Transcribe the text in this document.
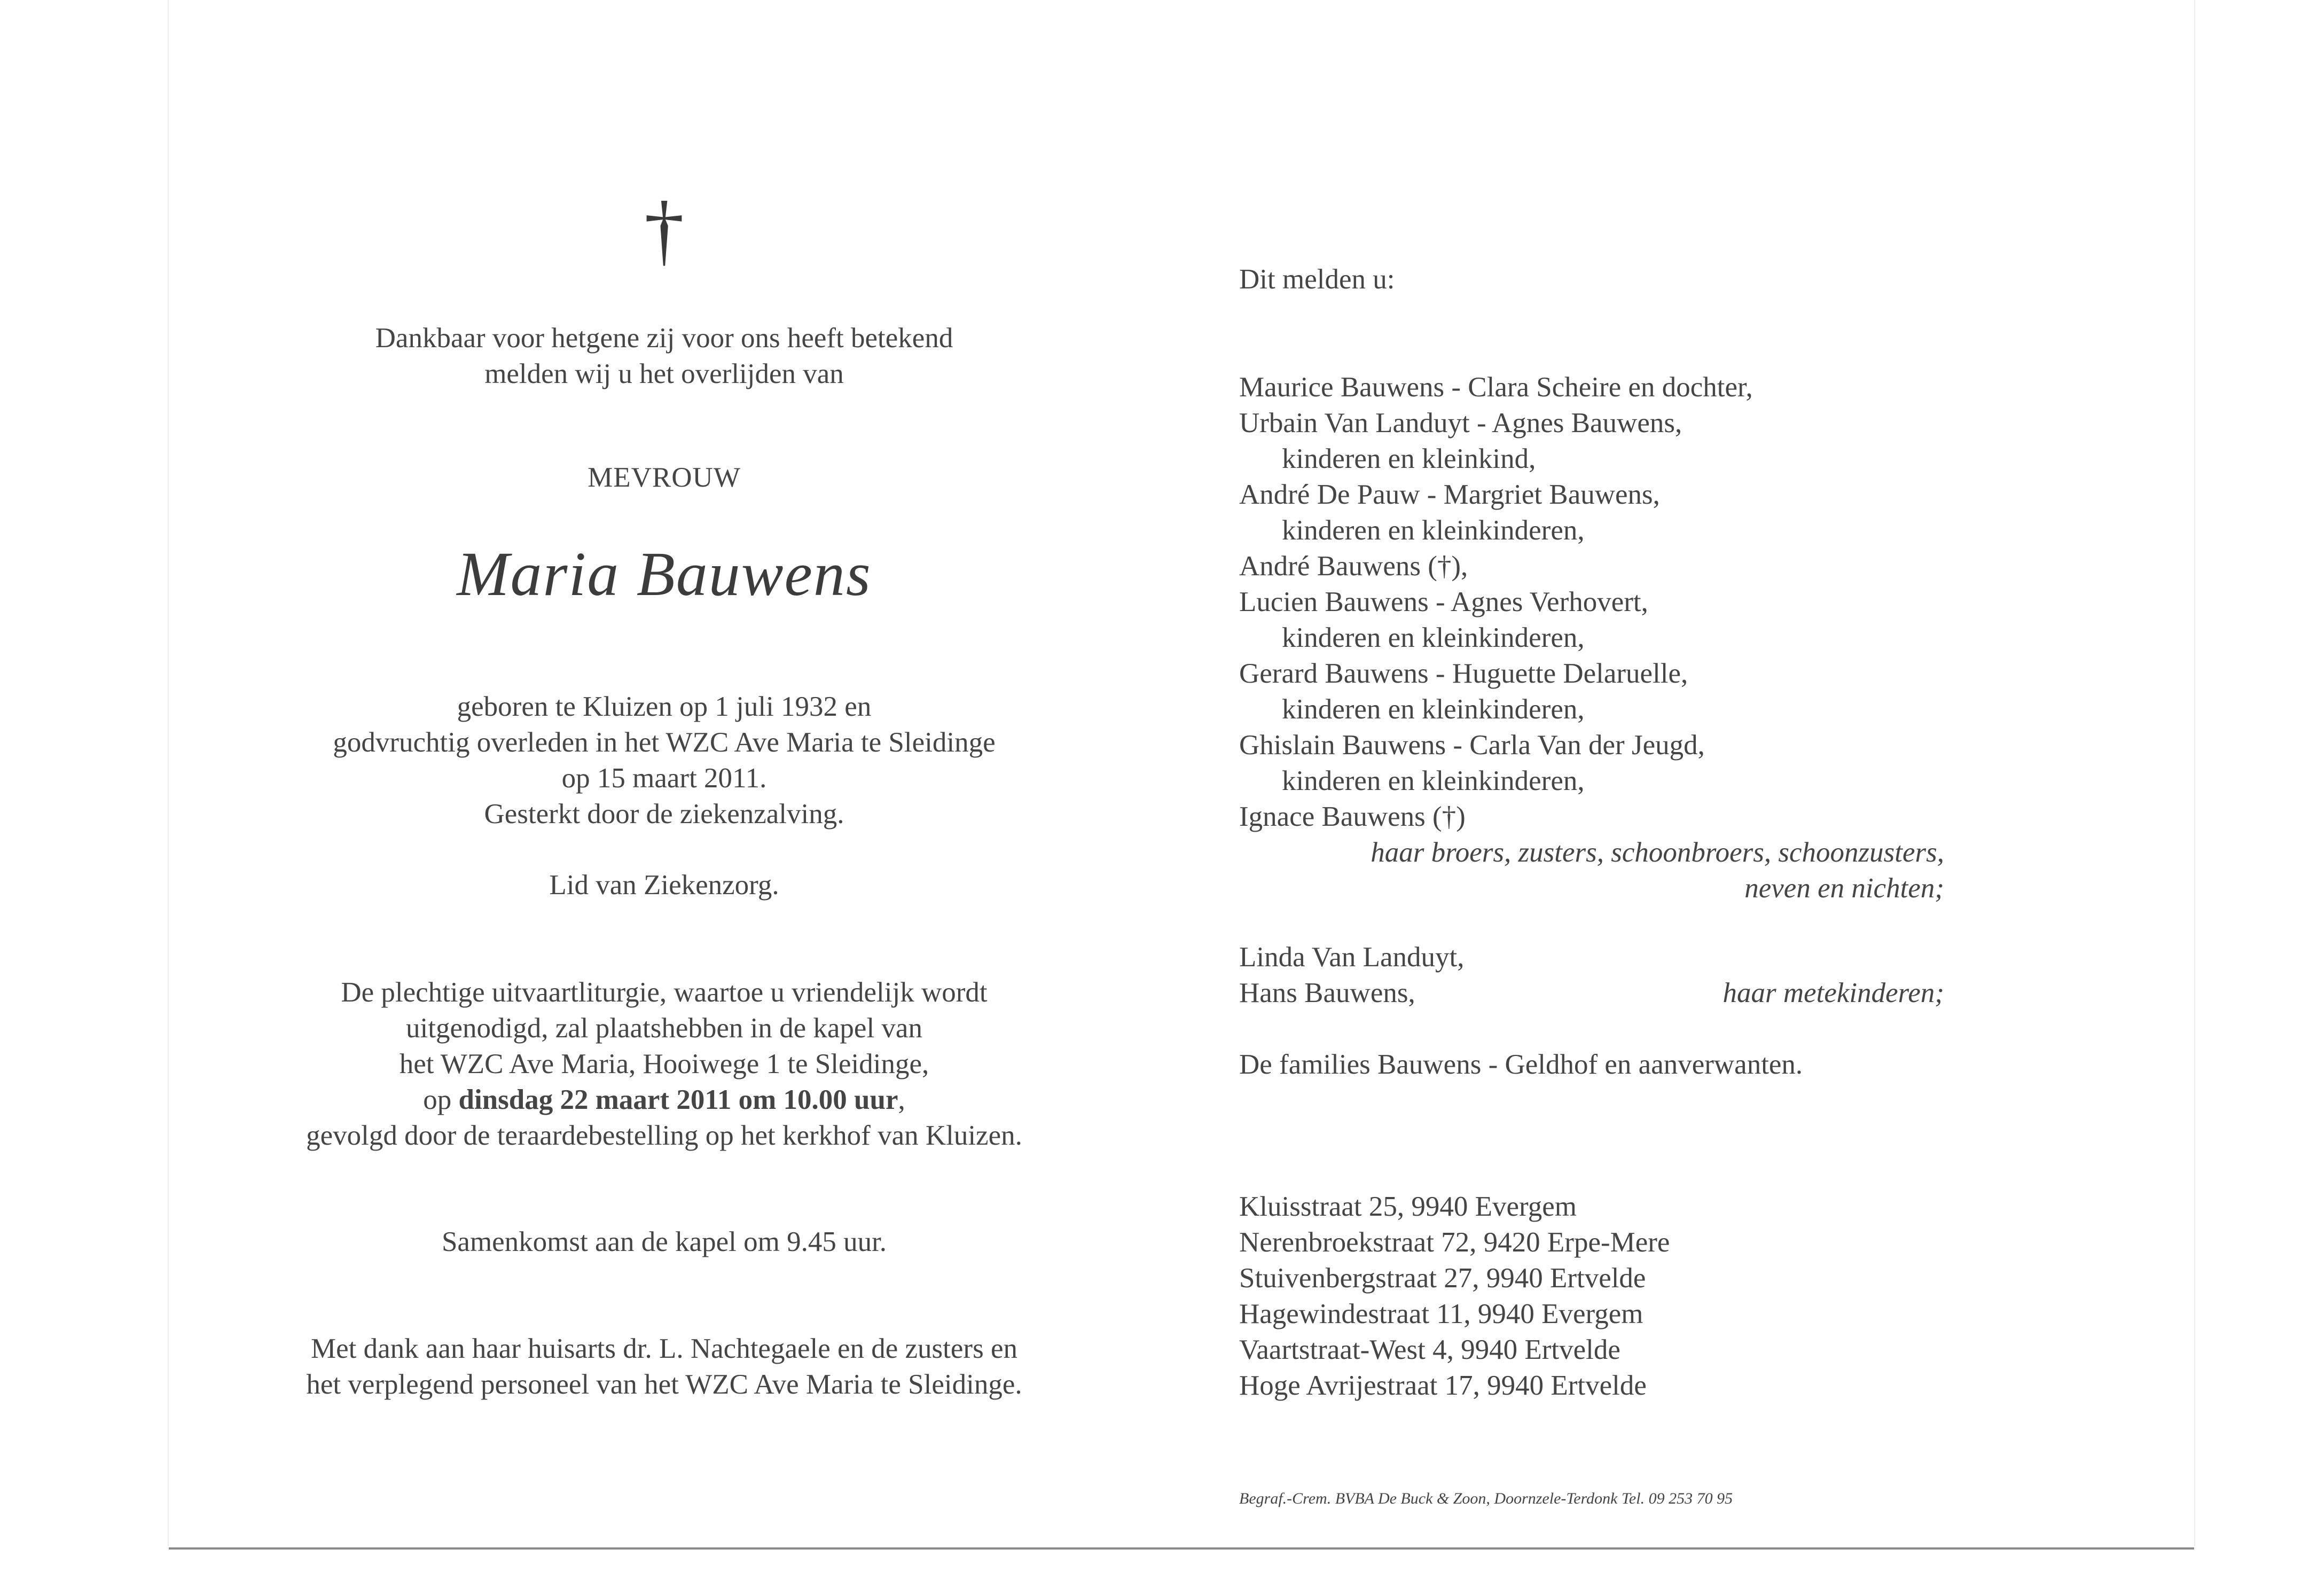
†
Dankbaar voor hetgene zij voor ons heeft betekend
melden wij u het overlijden van
MEVROUW
Maria Bauwens
geboren te Kluizen op 1 juli 1932 en
godvruchtig overleden in het WZC Ave Maria te Sleidinge
op 15 maart 2011.
Gesterkt door de ziekenzalving.
Lid van Ziekenzorg.
De plechtige uitvaartliturgie, waartoe u vriendelijk wordt
uitgenodigd, zal plaatshebben in de kapel van
het WZC Ave Maria, Hooiwege 1 te Sleidinge,
op dinsdag 22 maart 2011 om 10.00 uur,
gevolgd door de teraardebestelling op het kerkhof van Kluizen.
Samenkomst aan de kapel om 9.45 uur.
Met dank aan haar huisarts dr. L. Nachtegaele en de zusters en
het verplegend personeel van het WZC Ave Maria te Sleidinge.
Dit melden u:
Maurice Bauwens - Clara Scheire en dochter,
Urbain Van Landuyt - Agnes Bauwens,
kinderen en kleinkind,
André De Pauw - Margriet Bauwens,
kinderen en kleinkinderen,
André Bauwens (†),
Lucien Bauwens - Agnes Verhovert,
kinderen en kleinkinderen,
Gerard Bauwens - Huguette Delaruelle,
kinderen en kleinkinderen,
Ghislain Bauwens - Carla Van der Jeugd,
kinderen en kleinkinderen,
Ignace Bauwens (†)
haar broers, zusters, schoonbroers, schoonzusters,
neven en nichten;
Linda Van Landuyt,
Hans Bauwens,	haar metekinderen;
De families Bauwens - Geldhof en aanverwanten.
Kluisstraat 25, 9940 Evergem
Nerenbroekstraat 72, 9420 Erpe-Mere
Stuivenbergstraat 27, 9940 Ertvelde
Hagewindestraat 11, 9940 Evergem
Vaartstraat-West 4, 9940 Ertvelde
Hoge Avrijestraat 17, 9940 Ertvelde
Begraf.-Crem. BVBA De Buck & Zoon, Doornzele-Terdonk Tel. 09 253 70 95
